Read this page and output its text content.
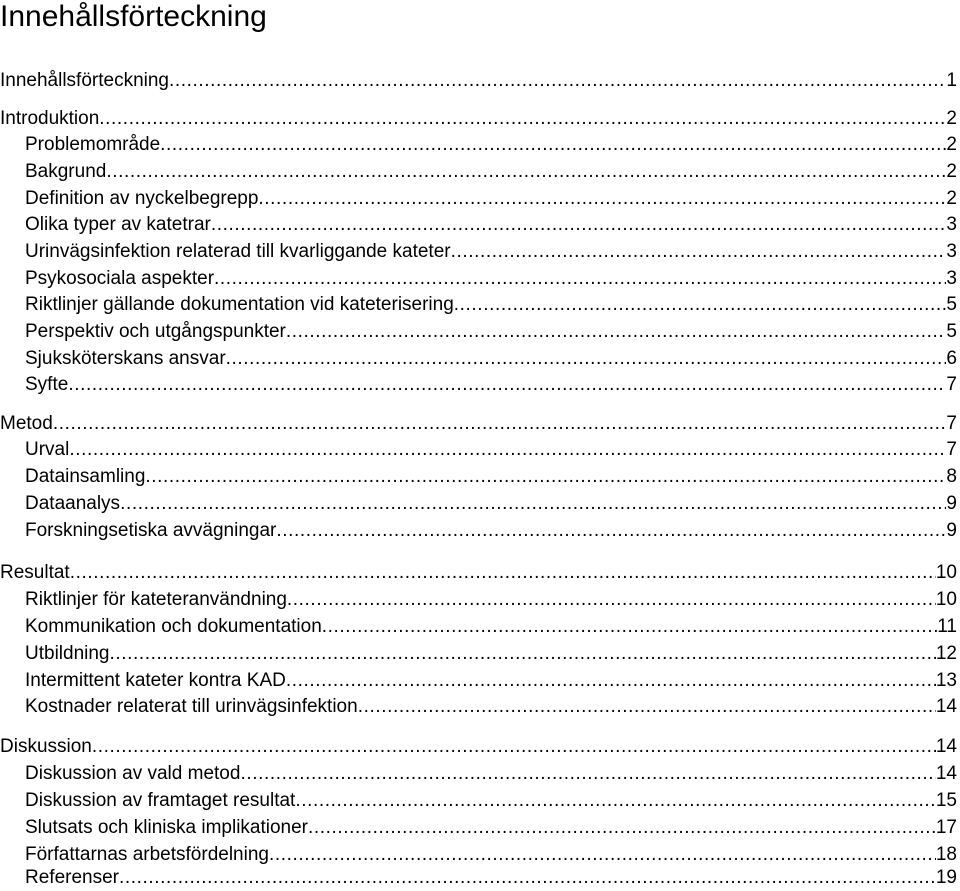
Innehållsförteckning
Innehållsförteckning .....	1
Introduktion .....	2
Problemområde .....	2
Bakgrund .....	2
Definition av nyckelbegrepp .....	2
Olika typer av katetrar .....	3
Urinvägsinfektion relaterad till kvarliggande kateter .....	3
Psykosociala aspekter .....	3
Riktlinjer gällande dokumentation vid kateterisering .....	5
Perspektiv och utgångspunkter .....	5
Sjuksköterskans ansvar .....	6
Syfte .....	7
Metod .....	7
Urval .....	7
Datainsamling .....	8
Dataanalys .....	9
Forskningsetiska avvägningar .....	9
Resultat .....	10
Riktlinjer för kateteranvändning .....	10
Kommunikation och dokumentation .....	11
Utbildning .....	12
Intermittent kateter kontra KAD .....	13
Kostnader relaterat till urinvägsinfektion .....	14
Diskussion .....	14
Diskussion av vald metod .....	14
Diskussion av framtaget resultat .....	15
Slutsats och kliniska implikationer .....	17
Författarnas arbetsfördelning .....	18
Referenser .....	19
